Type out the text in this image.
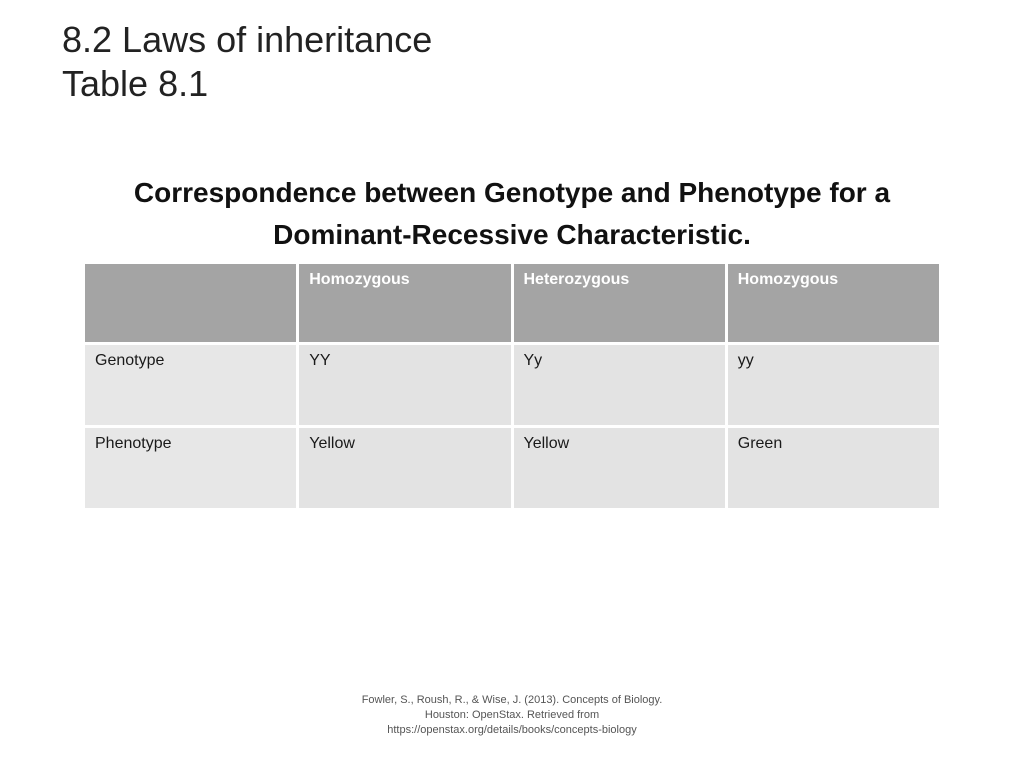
8.2 Laws of inheritance
Table 8.1
Correspondence between Genotype and Phenotype for a Dominant-Recessive Characteristic.
	Homozygous	Heterozygous	Homozygous
Genotype	YY	Yy	yy
Phenotype	Yellow	Yellow	Green
Fowler, S., Roush, R., & Wise, J. (2013). Concepts of Biology.
Houston: OpenStax. Retrieved from
https://openstax.org/details/books/concepts-biology
